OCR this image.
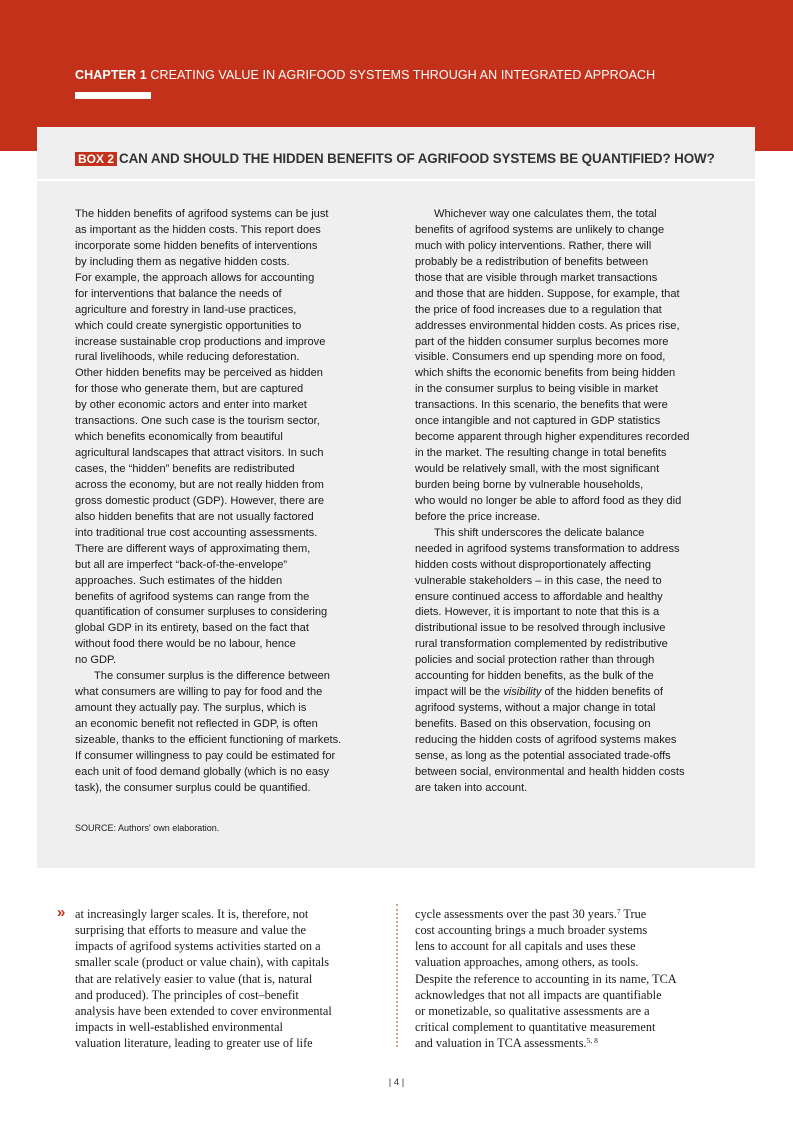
CHAPTER 1 CREATING VALUE IN AGRIFOOD SYSTEMS THROUGH AN INTEGRATED APPROACH
BOX 2 CAN AND SHOULD THE HIDDEN BENEFITS OF AGRIFOOD SYSTEMS BE QUANTIFIED? HOW?
The hidden benefits of agrifood systems can be just
as important as the hidden costs. This report does
incorporate some hidden benefits of interventions
by including them as negative hidden costs.
For example, the approach allows for accounting
for interventions that balance the needs of
agriculture and forestry in land-use practices,
which could create synergistic opportunities to
increase sustainable crop productions and improve
rural livelihoods, while reducing deforestation.
Other hidden benefits may be perceived as hidden
for those who generate them, but are captured
by other economic actors and enter into market
transactions. One such case is the tourism sector,
which benefits economically from beautiful
agricultural landscapes that attract visitors. In such
cases, the “hidden” benefits are redistributed
across the economy, but are not really hidden from
gross domestic product (GDP). However, there are
also hidden benefits that are not usually factored
into traditional true cost accounting assessments.
There are different ways of approximating them,
but all are imperfect “back-of-the-envelope”
approaches. Such estimates of the hidden
benefits of agrifood systems can range from the
quantification of consumer surpluses to considering
global GDP in its entirety, based on the fact that
without food there would be no labour, hence
no GDP.
The consumer surplus is the difference between
what consumers are willing to pay for food and the
amount they actually pay. The surplus, which is
an economic benefit not reflected in GDP, is often
sizeable, thanks to the efficient functioning of markets.
If consumer willingness to pay could be estimated for
each unit of food demand globally (which is no easy
task), the consumer surplus could be quantified.
Whichever way one calculates them, the total
benefits of agrifood systems are unlikely to change
much with policy interventions. Rather, there will
probably be a redistribution of benefits between
those that are visible through market transactions
and those that are hidden. Suppose, for example, that
the price of food increases due to a regulation that
addresses environmental hidden costs. As prices rise,
part of the hidden consumer surplus becomes more
visible. Consumers end up spending more on food,
which shifts the economic benefits from being hidden
in the consumer surplus to being visible in market
transactions. In this scenario, the benefits that were
once intangible and not captured in GDP statistics
become apparent through higher expenditures recorded
in the market. The resulting change in total benefits
would be relatively small, with the most significant
burden being borne by vulnerable households,
who would no longer be able to afford food as they did
before the price increase.
This shift underscores the delicate balance
needed in agrifood systems transformation to address
hidden costs without disproportionately affecting
vulnerable stakeholders – in this case, the need to
ensure continued access to affordable and healthy
diets. However, it is important to note that this is a
distributional issue to be resolved through inclusive
rural transformation complemented by redistributive
policies and social protection rather than through
accounting for hidden benefits, as the bulk of the
impact will be the visibility of the hidden benefits of
agrifood systems, without a major change in total
benefits. Based on this observation, focusing on
reducing the hidden costs of agrifood systems makes
sense, as long as the potential associated trade-offs
between social, environmental and health hidden costs
are taken into account.
SOURCE: Authors' own elaboration.
» at increasingly larger scales. It is, therefore, not
surprising that efforts to measure and value the
impacts of agrifood systems activities started on a
smaller scale (product or value chain), with capitals
that are relatively easier to value (that is, natural
and produced). The principles of cost–benefit
analysis have been extended to cover environmental
impacts in well-established environmental
valuation literature, leading to greater use of life
cycle assessments over the past 30 years.$^7$ True
cost accounting brings a much broader systems
lens to account for all capitals and uses these
valuation approaches, among others, as tools.
Despite the reference to accounting in its name, TCA
acknowledges that not all impacts are quantifiable
or monetizable, so qualitative assessments are a
critical complement to quantitative measurement
and valuation in TCA assessments.$^{5, 8}$
| 4 |
